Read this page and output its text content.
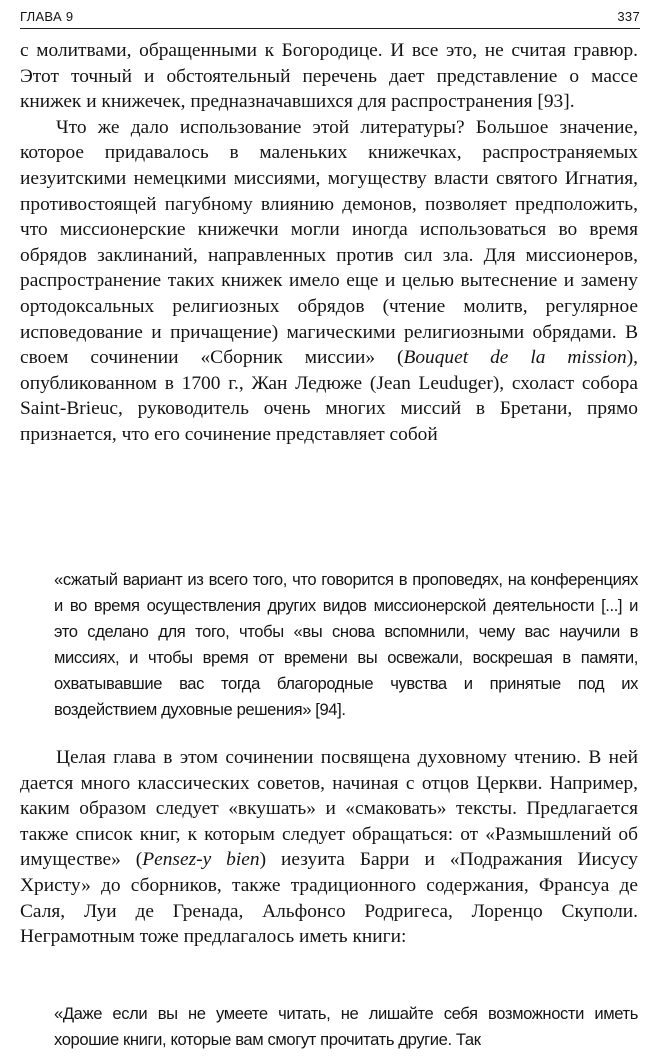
ГЛАВА 9	337

с молитвами, обращенными к Богородице. И все это, не считая гравюр. Этот точный и обстоятельный перечень дает представление о массе книжек и книжечек, предназначавшихся для распространения [93].

Что же дало использование этой литературы? Большое значение, которое придавалось в маленьких книжечках, распространяемых иезуитскими немецкими миссиями, могуществу власти святого Игнатия, противостоящей пагубному влиянию демонов, позволяет предположить, что миссионерские книжечки могли иногда использоваться во время обрядов заклинаний, направленных против сил зла. Для миссионеров, распространение таких книжек имело еще и целью вытеснение и замену ортодоксальных религиозных обрядов (чтение молитв, регулярное исповедование и причащение) магическими религиозными обрядами. В своем сочинении «Сборник миссии» (Bouquet de la mission), опубликованном в 1700 г., Жан Ледюже (Jean Leuduger), схоласт собора Saint-Brieuc, руководитель очень многих миссий в Бретани, прямо признается, что его сочинение представляет собой

«сжатый вариант из всего того, что говорится в проповедях, на конференциях и во время осуществления других видов миссионерской деятельности [...] и это сделано для того, чтобы «вы снова вспомнили, чему вас научили в миссиях, и чтобы время от времени вы освежали, воскрешая в памяти, охватывавшие вас тогда благородные чувства и принятые под их воздействием духовные решения» [94].

Целая глава в этом сочинении посвящена духовному чтению. В ней дается много классических советов, начиная с отцов Церкви. Например, каким образом следует «вкушать» и «смаковать» тексты. Предлагается также список книг, к которым следует обращаться: от «Размышлений об имуществе» (Pensez-y bien) иезуита Барри и «Подражания Иисусу Христу» до сборников, также традиционного содержания, Франсуа де Саля, Луи де Гренада, Альфонсо Родригеса, Лоренцо Скуполи. Неграмотным тоже предлагалось иметь книги:

«Даже если вы не умеете читать, не лишайте себя возможности иметь хорошие книги, которые вам смогут прочитать другие. Так
